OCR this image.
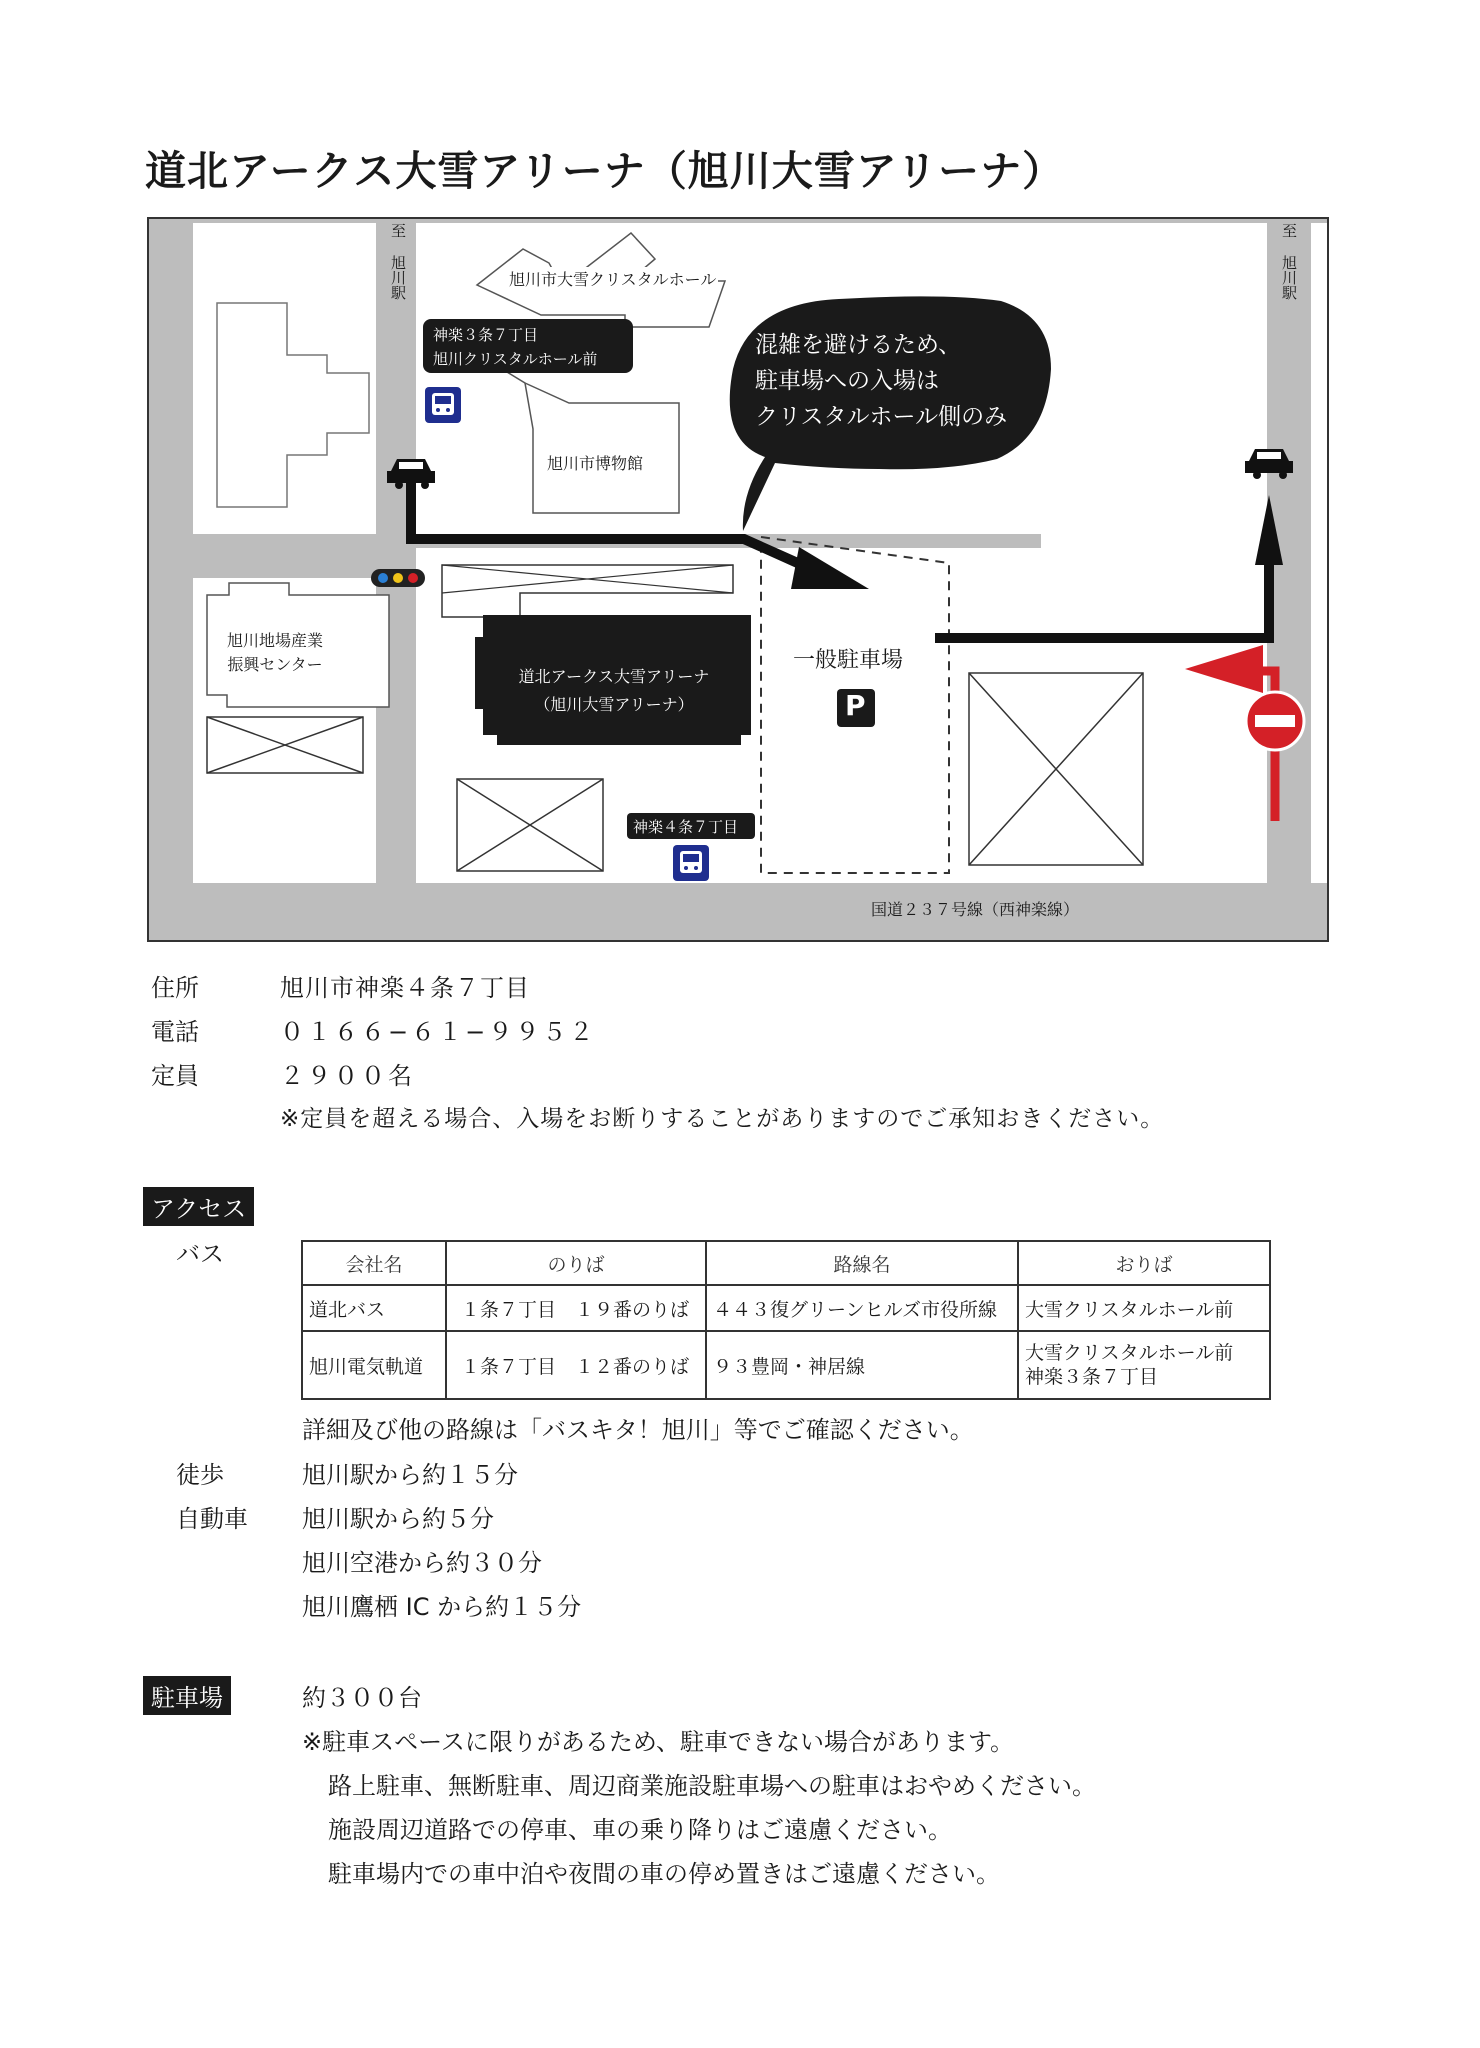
道北アークス大雪アリーナ（旭川大雪アリーナ）
至

旭川駅
至
旭川駅
旭川市大雪クリスタルホール
神楽３条７丁目
旭川クリスタルホール前
混雑を避けるため、
駐車場への入場は
クリスタルホール側のみ
旭川市博物館
旭川地場産業
振興センター
道北アークス大雪アリーナ
（旭川大雪アリーナ）
一般駐車場
P
神楽４条７丁目
国道２３７号線（西神楽線）
住所	旭川市神楽４条７丁目
電話	０１６６−６１−９９５２
定員	２９００名
※定員を超える場合、入場をお断りすることがありますのでご承知おきください。
アクセス
バス	会社名	のりば	路線名	おりば
道北バス	１条７丁目　１９番のりば	４４３復グリーンヒルズ市役所線	大雪クリスタルホール前
旭川電気軌道	１条７丁目　１２番のりば	９３豊岡・神居線	大雪クリスタルホール前
神楽３条７丁目
詳細及び他の路線は「バスキタ！旭川」等でご確認ください。
徒歩	旭川駅から約１５分
自動車 旭川駅から約５分
旭川空港から約３０分
旭川鷹栖 IC から約１５分
駐車場	約３００台
※駐車スペースに限りがあるため、駐車できない場合があります。
路上駐車、無断駐車、周辺商業施設駐車場への駐車はおやめください。
施設周辺道路での停車、車の乗り降りはご遠慮ください。
駐車場内での車中泊や夜間の車の停め置きはご遠慮ください。
